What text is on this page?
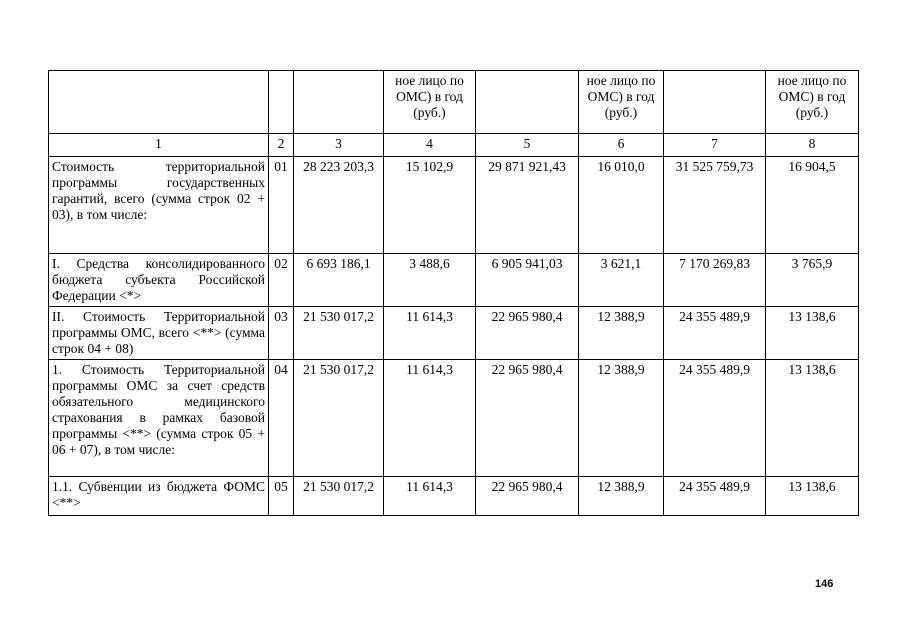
			ное лицо по ОМС) в год (руб.)		ное лицо по ОМС) в год (руб.)		ное лицо по ОМС) в год (руб.)
1	2	3	4	5	6	7	8
Стоимость территориальной программы государственных гарантий, всего (сумма строк 02 + 03), в том числе:	01	28 223 203,3	15 102,9	29 871 921,43	16 010,0	31 525 759,73	16 904,5
I. Средства консолидированного бюджета субъекта Российской Федерации <*>	02	6 693 186,1	3 488,6	6 905 941,03	3 621,1	7 170 269,83	3 765,9
II. Стоимость Территориальной программы ОМС, всего <**> (сумма строк 04 + 08)	03	21 530 017,2	11 614,3	22 965 980,4	12 388,9	24 355 489,9	13 138,6
1. Стоимость Территориальной программы ОМС за счет средств обязательного медицинского страхования в рамках базовой программы <**> (сумма строк 05 + 06 + 07), в том числе:	04	21 530 017,2	11 614,3	22 965 980,4	12 388,9	24 355 489,9	13 138,6
1.1. Субвенции из бюджета ФОМС <**>	05	21 530 017,2	11 614,3	22 965 980,4	12 388,9	24 355 489,9	13 138,6
146
